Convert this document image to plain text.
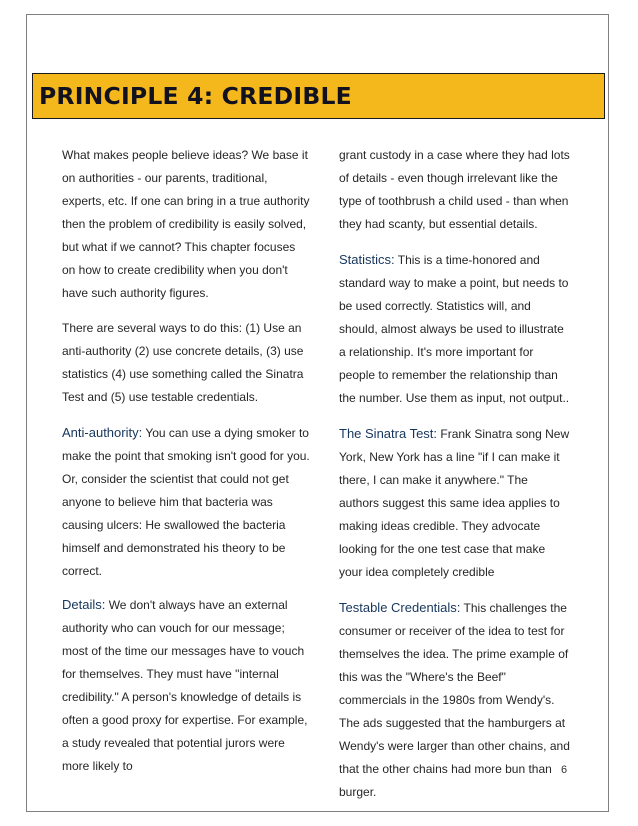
PRINCIPLE 4: CREDIBLE

What makes people believe ideas? We base it on authorities - our parents, traditional, experts, etc. If one can bring in a true authority then the problem of credibility is easily solved, but what if we cannot? This chapter focuses on how to create credibility when you don't have such authority figures.

There are several ways to do this: (1) Use an anti-authority (2) use concrete details, (3) use statistics (4) use something called the Sinatra Test and (5) use testable credentials.

Anti-authority: You can use a dying smoker to make the point that smoking isn't good for you. Or, consider the scientist that could not get anyone to believe him that bacteria was causing ulcers: He swallowed the bacteria himself and demonstrated his theory to be correct.

Details: We don't always have an external authority who can vouch for our message; most of the time our messages have to vouch for themselves. They must have "internal credibility." A person's knowledge of details is often a good proxy for expertise. For example, a study revealed that potential jurors were more likely to

grant custody in a case where they had lots of details - even though irrelevant like the type of toothbrush a child used - than when they had scanty, but essential details.

Statistics: This is a time-honored and standard way to make a point, but needs to be used correctly. Statistics will, and should, almost always be used to illustrate a relationship. It's more important for people to remember the relationship than the number. Use them as input, not output..

The Sinatra Test: Frank Sinatra song New York, New York has a line "if I can make it there, I can make it anywhere." The authors suggest this same idea applies to making ideas credible. They advocate looking for the one test case that make your idea completely credible

Testable Credentials: This challenges the consumer or receiver of the idea to test for themselves the idea. The prime example of this was the "Where's the Beef" commercials in the 1980s from Wendy's. The ads suggested that the hamburgers at Wendy's were larger than other chains, and that the other chains had more bun than burger.

6
